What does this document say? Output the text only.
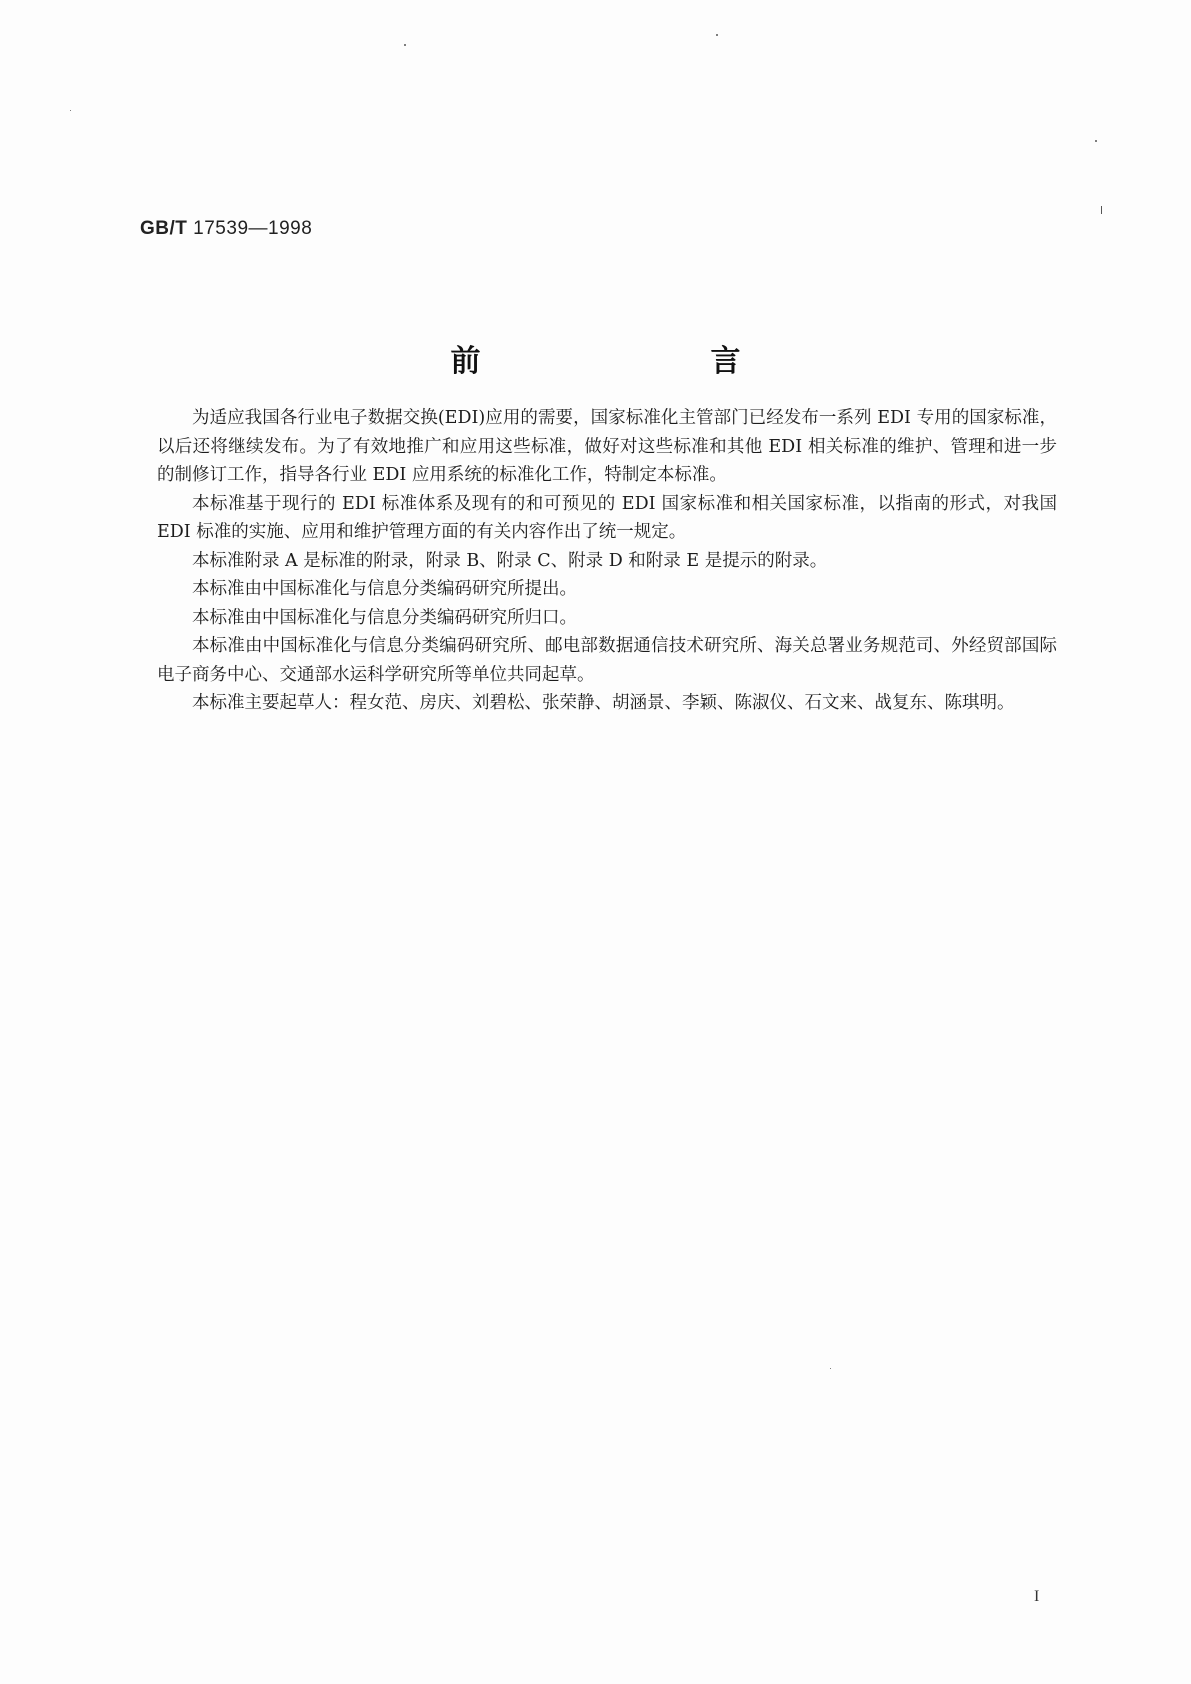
GB/T 17539—1998
前　言

为适应我国各行业电子数据交换(EDI)应用的需要，国家标准化主管部门已经发布一系列 EDI 专用的国家标准，以后还将继续发布。为了有效地推广和应用这些标准，做好对这些标准和其他 EDI 相关标准的维护、管理和进一步的制修订工作，指导各行业 EDI 应用系统的标准化工作，特制定本标准。

本标准基于现行的 EDI 标准体系及现有的和可预见的 EDI 国家标准和相关国家标准，以指南的形式，对我国 EDI 标准的实施、应用和维护管理方面的有关内容作出了统一规定。

本标准附录 A 是标准的附录，附录 B、附录 C、附录 D 和附录 E 是提示的附录。

本标准由中国标准化与信息分类编码研究所提出。

本标准由中国标准化与信息分类编码研究所归口。

本标准由中国标准化与信息分类编码研究所、邮电部数据通信技术研究所、海关总署业务规范司、外经贸部国际电子商务中心、交通部水运科学研究所等单位共同起草。

本标准主要起草人：程女范、房庆、刘碧松、张荣静、胡涵景、李颖、陈淑仪、石文来、战复东、陈琪明。

I
